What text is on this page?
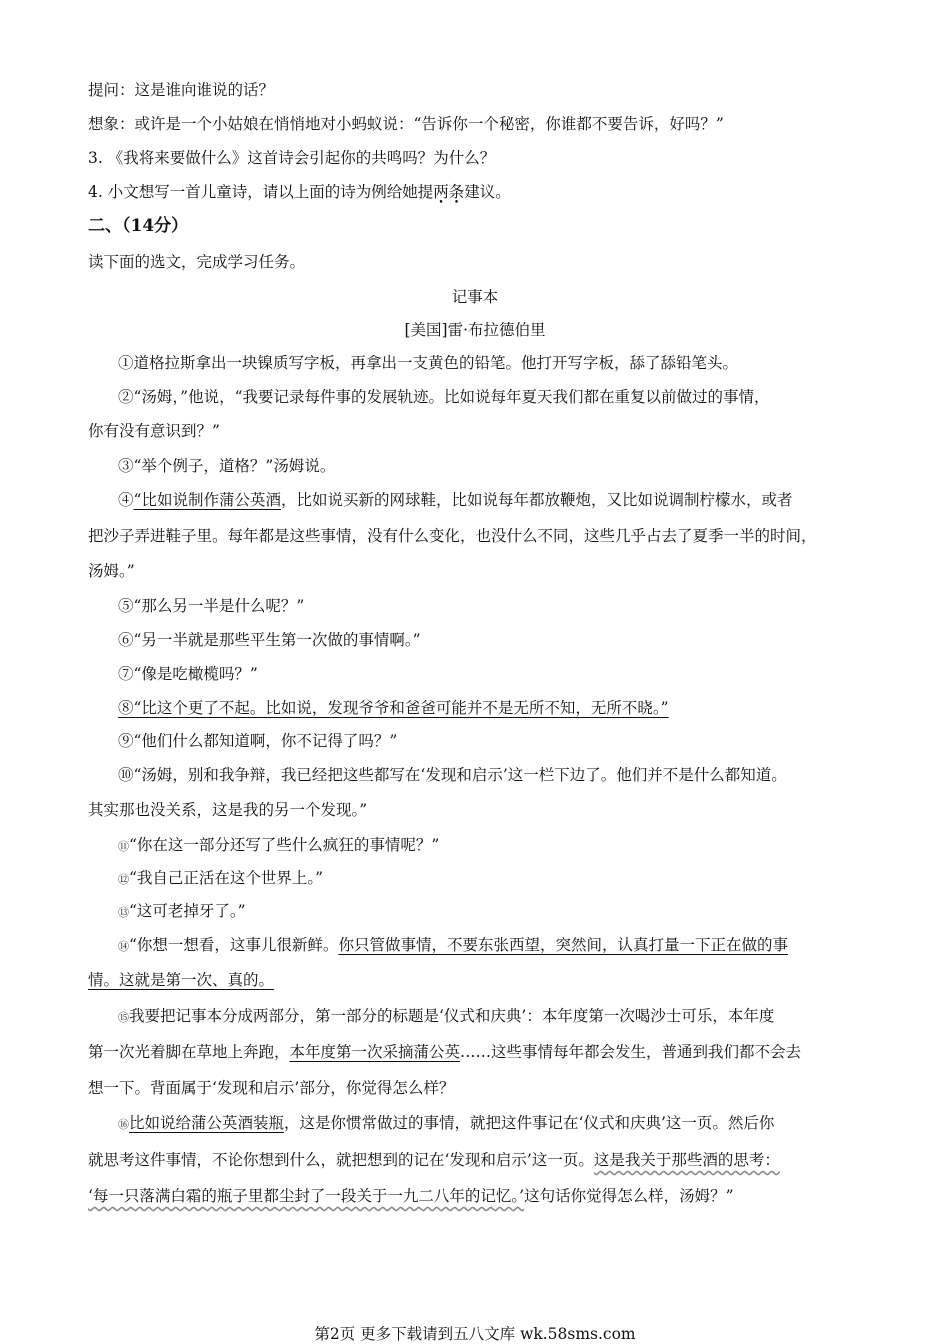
提问：这是谁向谁说的话？
想象：或许是一个小姑娘在悄悄地对小蚂蚁说：“告诉你一个秘密，你谁都不要告诉，好吗？”
3. 《我将来要做什么》这首诗会引起你的共鸣吗？为什么？
4. 小文想写一首儿童诗，请以上面的诗为例给她提两条建议。
二、（14分）
读下面的选文，完成学习任务。
记事本
[美国]雷·布拉德伯里
①道格拉斯拿出一块镍质写字板，再拿出一支黄色的铅笔。他打开写字板，舔了舔铅笔头。
②“汤姆，”他说，“我要记录每件事的发展轨迹。比如说每年夏天我们都在重复以前做过的事情，
你有没有意识到？”
③“举个例子，道格？”汤姆说。
④“比如说制作蒲公英酒，比如说买新的网球鞋，比如说每年都放鞭炮，又比如说调制柠檬水，或者
把沙子弄进鞋子里。每年都是这些事情，没有什么变化，也没什么不同，这些几乎占去了夏季一半的时间，
汤姆。”
⑤“那么另一半是什么呢？”
⑥“另一半就是那些平生第一次做的事情啊。”
⑦“像是吃橄榄吗？”
⑧“比这个更了不起。比如说，发现爷爷和爸爸可能并不是无所不知，无所不晓。”
⑨“他们什么都知道啊，你不记得了吗？”
⑩“汤姆，别和我争辩，我已经把这些都写在‘发现和启示’这一栏下边了。他们并不是什么都知道。
其实那也没关系，这是我的另一个发现。”
⑪“你在这一部分还写了些什么疯狂的事情呢？”
⑫“我自己正活在这个世界上。”
⑬“这可老掉牙了。”
⑭“你想一想看，这事儿很新鲜。你只管做事情，不要东张西望，突然间，认真打量一下正在做的事
情。这就是第一次、真的。
⑮我要把记事本分成两部分，第一部分的标题是‘仪式和庆典’：本年度第一次喝沙士可乐，本年度
第一次光着脚在草地上奔跑，本年度第一次采摘蒲公英……这些事情每年都会发生，普通到我们都不会去
想一下。背面属于‘发现和启示’部分，你觉得怎么样？
⑯比如说给蒲公英酒装瓶，这是你惯常做过的事情，就把这件事记在‘仪式和庆典’这一页。然后你
就思考这件事情，不论你想到什么，就把想到的记在‘发现和启示’这一页。这是我关于那些酒的思考：
‘每一只落满白霜的瓶子里都尘封了一段关于一九二八年的记忆。’这句话你觉得怎么样，汤姆？”
第2页 更多下载请到五八文库 wk.58sms.com
